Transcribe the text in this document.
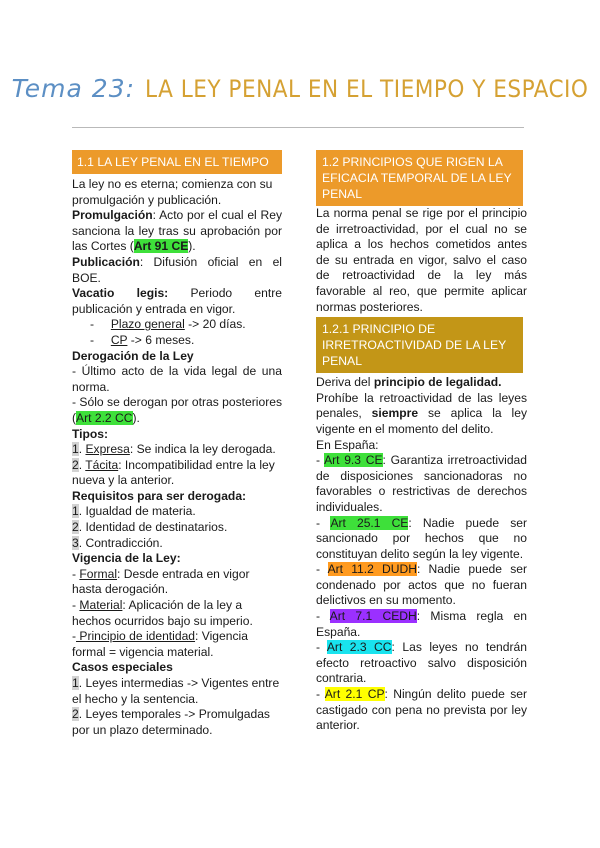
Tema 23: LA LEY PENAL EN EL TIEMPO Y ESPACIO
1.1 LA LEY PENAL EN EL TIEMPO

La ley no es eterna; comienza con su promulgación y publicación.

Promulgación: Acto por el cual el Rey sanciona la ley tras su aprobación por las Cortes (Art 91 CE).

Publicación: Difusión oficial en el BOE.

Vacatio legis: Periodo entre publicación y entrada en vigor.

-     Plazo general -> 20 días.

-     CP -> 6 meses.

Derogación de la Ley

- Último acto de la vida legal de una norma.

- Sólo se derogan por otras posteriores (Art 2.2 CC).

Tipos:

1. Expresa: Se indica la ley derogada.

2. Tácita: Incompatibilidad entre la ley nueva y la anterior.

Requisitos para ser derogada:

1. Igualdad de materia.

2. Identidad de destinatarios.

3. Contradicción.

Vigencia de la Ley:

- Formal: Desde entrada en vigor hasta derogación.

- Material: Aplicación de la ley a hechos ocurridos bajo su imperio.

- Principio de identidad: Vigencia formal = vigencia material.

Casos especiales

1. Leyes intermedias -> Vigentes entre el hecho y la sentencia.

2. Leyes temporales -> Promulgadas por un plazo determinado.

1.2 PRINCIPIOS QUE RIGEN LA EFICACIA TEMPORAL DE LA LEY PENAL

La norma penal se rige por el principio de irretroactividad, por el cual no se aplica a los hechos cometidos antes de su entrada en vigor, salvo el caso de retroactividad de la ley más favorable al reo, que permite aplicar normas posteriores.

1.2.1 PRINCIPIO DE IRRETROACTIVIDAD DE LA LEY PENAL

Deriva del principio de legalidad.

Prohíbe la retroactividad de las leyes penales, siempre se aplica la ley vigente en el momento del delito.

En España:

- Art 9.3 CE: Garantiza irretroactividad de disposiciones sancionadoras no favorables o restrictivas de derechos individuales.

- Art 25.1 CE: Nadie puede ser sancionado por hechos que no constituyan delito según la ley vigente.

- Art 11.2 DUDH: Nadie puede ser condenado por actos que no fueran delictivos en su momento.

- Art 7.1 CEDH: Misma regla en España.

- Art 2.3 CC: Las leyes no tendrán efecto retroactivo salvo disposición contraria.

- Art 2.1 CP: Ningún delito puede ser castigado con pena no prevista por ley anterior.
